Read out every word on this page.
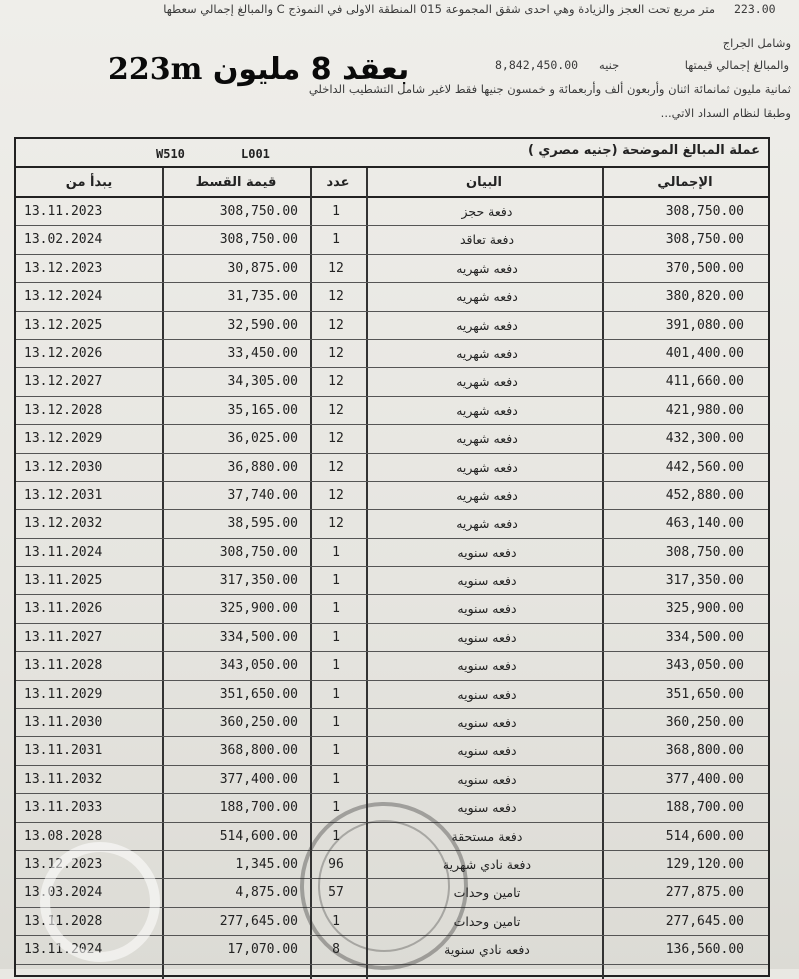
223.00
متر مربع تحت العجز والزيادة وهي احدى شقق المجموعة 015 المنطقة الاولى في النموذج C والمبالغ إجمالي سعطها
وشامل الجراج
والمبالغ إجمالي قيمتها
8,842,450.00 جنيه
ثمانية مليون ثمانمائة اثنان وأربعون ألف وأربعمائة و خمسون جنيها فقط لاغير شامل التشطيب الداخلي
وطبقا لنظام السداد الاتي...
223m بعقد 8 مليون
W510	L001	عملة المبالغ الموضحة (جنيه مصري )
يبدأ من	قيمة القسط	عدد	البيان	الإجمالي
13.11.2023	308,750.00	1	دفعة حجز	308,750.00
13.02.2024	308,750.00	1	دفعة تعاقد	308,750.00
13.12.2023	30,875.00	12	دفعه شهريه	370,500.00
13.12.2024	31,735.00	12	دفعه شهريه	380,820.00
13.12.2025	32,590.00	12	دفعه شهريه	391,080.00
13.12.2026	33,450.00	12	دفعه شهريه	401,400.00
13.12.2027	34,305.00	12	دفعه شهريه	411,660.00
13.12.2028	35,165.00	12	دفعه شهريه	421,980.00
13.12.2029	36,025.00	12	دفعه شهريه	432,300.00
13.12.2030	36,880.00	12	دفعه شهريه	442,560.00
13.12.2031	37,740.00	12	دفعه شهريه	452,880.00
13.12.2032	38,595.00	12	دفعه شهريه	463,140.00
13.11.2024	308,750.00	1	دفعه سنويه	308,750.00
13.11.2025	317,350.00	1	دفعه سنويه	317,350.00
13.11.2026	325,900.00	1	دفعه سنويه	325,900.00
13.11.2027	334,500.00	1	دفعه سنويه	334,500.00
13.11.2028	343,050.00	1	دفعه سنويه	343,050.00
13.11.2029	351,650.00	1	دفعه سنويه	351,650.00
13.11.2030	360,250.00	1	دفعه سنويه	360,250.00
13.11.2031	368,800.00	1	دفعه سنويه	368,800.00
13.11.2032	377,400.00	1	دفعه سنويه	377,400.00
13.11.2033	188,700.00	1	دفعه سنويه	188,700.00
13.08.2028	514,600.00	1	دفعة مستحقة	514,600.00
13.12.2023	1,345.00	96	دفعة نادي شهرية	129,120.00
13.03.2024	4,875.00	57	تامين وحدات	277,875.00
13.11.2028	277,645.00	1	تامين وحدات	277,645.00
13.11.2024	17,070.00	8	دفعه نادي سنوية	136,560.00
